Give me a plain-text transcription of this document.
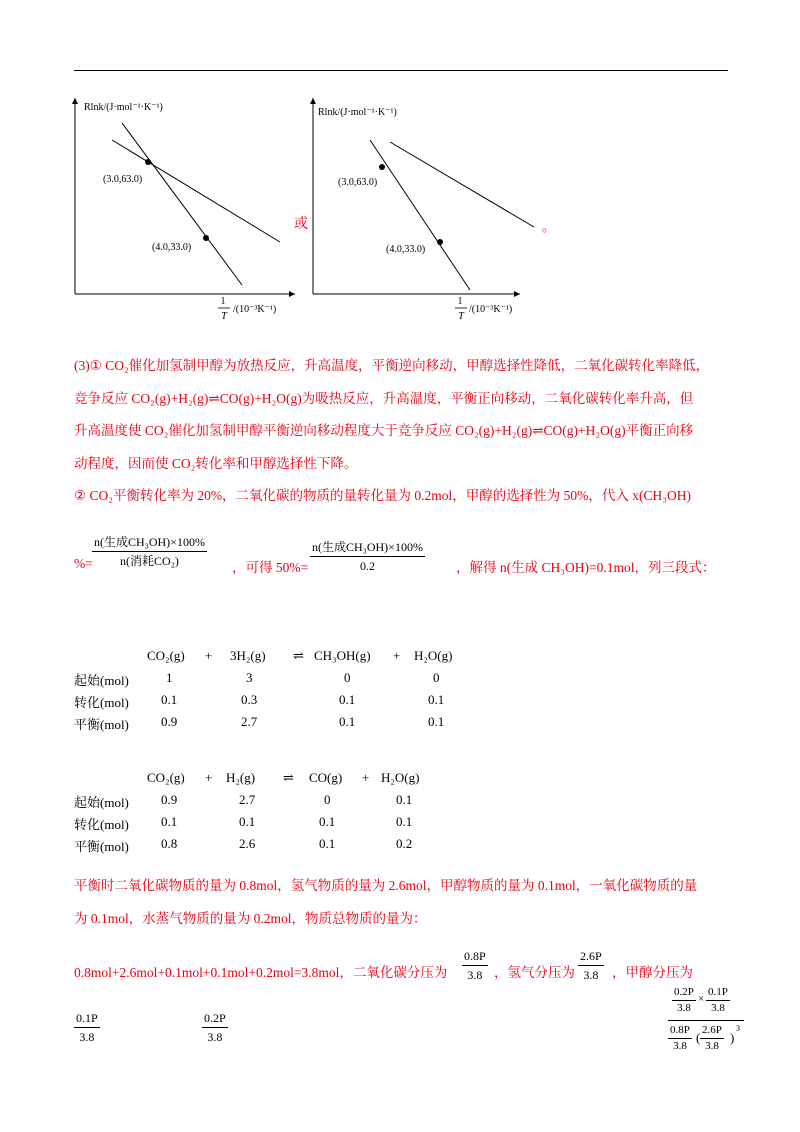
Rlnk/(J·mol⁻¹·K⁻¹)
(3.0,63.0)
(4.0,33.0)
1
T
/(10⁻³K⁻¹)
或
Rlnk/(J·mol⁻¹·K⁻¹)
(3.0,63.0)
(4.0,33.0)
1
T
/(10⁻³K⁻¹)
。
(3)① CO₂催化加氢制甲醇为放热反应，升高温度，平衡逆向移动，甲醇选择性降低，二氧化碳转化率降低，
竞争反应 CO₂(g)+H₂(g)⇌CO(g)+H₂O(g)为吸热反应，升高温度，平衡正向移动，二氧化碳转化率升高，但
升高温度使 CO₂催化加氢制甲醇平衡逆向移动程度大于竞争反应 CO₂(g)+H₂(g)⇌CO(g)+H₂O(g)平衡正向移
动程度，因而使 CO₂转化率和甲醇选择性下降。
② CO₂平衡转化率为 20%，二氧化碳的物质的量转化量为 0.2mol，甲醇的选择性为 50%，代入 x(CH₃OH)
n(生成CH₃OH)×100%
n(消耗CO₂)
%=	，可得 50%=
n(生成CH₃OH)×100%
0.2	，解得 n(生成 CH₃OH)=0.1mol，列三段式：
CO₂(g) + 3H₂(g) ⇌ CH₃OH(g) + H₂O(g)
起始(mol)	1	3	0	0
转化(mol) 0.1	0.3	0.1	0.1
平衡(mol) 0.9	2.7	0.1	0.1
CO₂(g) + H₂(g) ⇌ CO(g) + H₂O(g)
起始(mol) 0.9	2.7	0	0.1
转化(mol) 0.1	0.1	0.1	0.1
平衡(mol) 0.8	2.6	0.1	0.2
平衡时二氧化碳物质的量为 0.8mol，氢气物质的量为 2.6mol，甲醇物质的量为 0.1mol，一氧化碳物质的量
为 0.1mol，水蒸气物质的量为 0.2mol，物质总物质的量为：
0.8mol+2.6mol+0.1mol+0.1mol+0.2mol=3.8mol，二氧化碳分压为 $\frac{0.8P}{3.8}$ ，氢气分压为 $\frac{2.6P}{3.8}$ ，甲醇分压为
$\frac{0.1P}{3.8}$	$\frac{0.2P}{3.8}$
$\frac{0.2P}{3.8} \times \frac{0.1P}{3.8}$
$\frac{0.8P}{3.8}$ ( $\frac{2.6P}{3.8}$ )
3
